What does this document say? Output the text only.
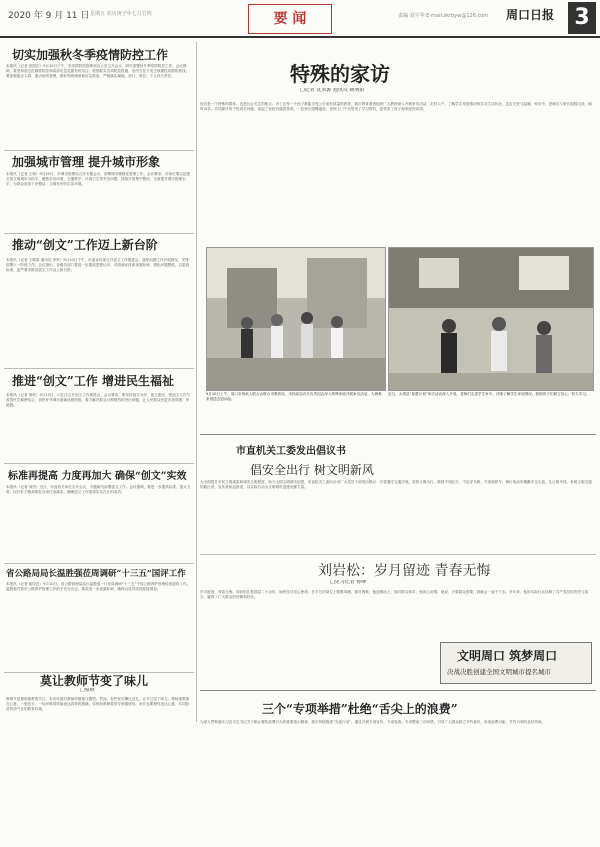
2020 年 9 月 11 日 星期五 农历庚子年七月廿四	要 闻	责编 刘平华 E-mail:zkrbyw@126.com 周口日报 3
切实加强秋冬季疫情防控工作
本报讯（记者 张国庆）9月10日下午，市疫情防控指挥部办公室召开会议，研究部署秋冬季疫情防控工作。会议强调，要坚持常态化精准防控和局部应急处置有机结合，抓细抓实各项防控措施，坚决守住不发生规模性疫情的底线。要加强重点人群、重点场所管理，做好物资储备和应急准备，严格落实属地、部门、单位、个人四方责任。
加强城市管理 提升城市形象
本报讯（记者 王莉）9月10日，市城市管理局召开专题会议，部署城市精细化管理工作。会议要求，各单位要以创建全国文明城市为抓手，聚焦市容环境、交通秩序、环境卫生等突出问题，持续开展集中整治，全面提升城市管理水平，为群众营造干净整洁、文明有序的生活环境。
推动“创文”工作迈上新台阶
本报讯（记者 王锦春 通讯员 李军）9月10日下午，市委宣传部召开创文工作推进会，通报前期工作开展情况，安排部署下一阶段工作。会议指出，各级各部门要进一步提高思想认识，对照测评体系查漏补缺，强化问题整改，以更高标准、更严要求推动创文工作迈上新台阶。
推进“创文”工作 增进民生福祉
本报讯（记者 徐松）9月10日，川汇区召开创文工作推进会。会议要求，要坚持创文为民、创文惠民，把创文工作与改善民生紧密结合，加快补齐城市基础设施短板，着力解决群众反映强烈的突出问题，让人民群众有更多获得感、幸福感。
标准再提高 力度再加大 确保“创文”实效
本报讯（记者 刘杰）近日，市直有关单位召开会议，专题研究部署创文工作。会议强调，要进一步提高标准、加大力度，以钉钉子精神抓好各项任务落实，确保创文工作取得实实在在的成效。
省公路局局长温胜强莅周调研“十三五”国评工作
本报讯（记者 崔同良）9月10日，省公路管理局局长温胜强一行莅周调研“十三五”干线公路养护管理检查迎检工作。温胜强对我市公路养护管理工作给予充分肯定，要求进一步查漏补缺，确保以优异成绩迎接国检。
莫让教师节变了味儿
□蔡继
教师节是尊师重教的节日，本应传递对教师的敬意与感恩。然而，有些家长攀比送礼，让节日变了味儿。尊师重教重在心意，一张贺卡、一句问候同样能表达真挚的感谢。学校和教师要坚守师德底线，家长也要理性表达心意，共同营造风清气正的教育环境。
特殊的家访
□记者 沈永源 通讯员 姚明阳
他们是一个特殊的群体，也是社会关注的焦点。为了让每一个孩子都能享受公平而有质量的教育，我市教育系统组织广大教师深入开展家访活动，走村入户，了解学生家庭情况和学习生活状况，送去关爱与温暖。家访中，老师们与家长促膝交谈，倾听诉求，共同探讨孩子的成长问题，架起了家校沟通的桥梁。一位家长感慨地说，老师上门不仅带来了学习资料，更带来了孩子和家庭的希望。
9月10日上午，周口市残疾人联合会联合市教育局、市民政局有关负责同志深入特殊家庭开展家访活动，为困难家庭送去慰问品。
近日，太康县“春蕾计划”家访活动深入开展，老师们走进学生家中，详细了解学生家庭情况，鼓励孩子们树立信心、努力学习。
市直机关工委发出倡议书
倡安全出行 树文明新风
为全面提升市民文明素质和城市文明程度，助力全国文明城市创建，市直机关工委向全市广大党员干部发出倡议：自觉遵守交通法规，坚持文明出行，做到不闯红灯、不乱穿马路、不违规停车；骑行电动车佩戴安全头盔，礼让斑马线，争做文明交通的践行者、宣传者和监督者，以实际行动为文明城市创建贡献力量。
刘岩松：岁月留迹 青春无悔
□见习记者 孙峰
岁月留迹，青春无悔。刘岩松扎根基层二十余年，始终坚守初心使命，在平凡的岗位上默默奉献。面对困难，他迎难而上；面对群众诉求，他用心用情。他说，只要群众需要，我就会一直干下去。多年来，他用实际行动诠释了共产党员的责任与担当，赢得了广大群众的信赖和好评。
文明周口 筑梦周口
决战决胜创建全国文明城市提名城市
三个“专项举措”杜绝“舌尖上的浪费”
为深入贯彻落实习近平总书记关于制止餐饮浪费行为的重要指示精神，我市持续推进“光盘行动”，通过开展专项宣传、专项检查、专项整治三项举措，引导广大群众树立节约意识，形成浪费可耻、节约为荣的良好风尚。
